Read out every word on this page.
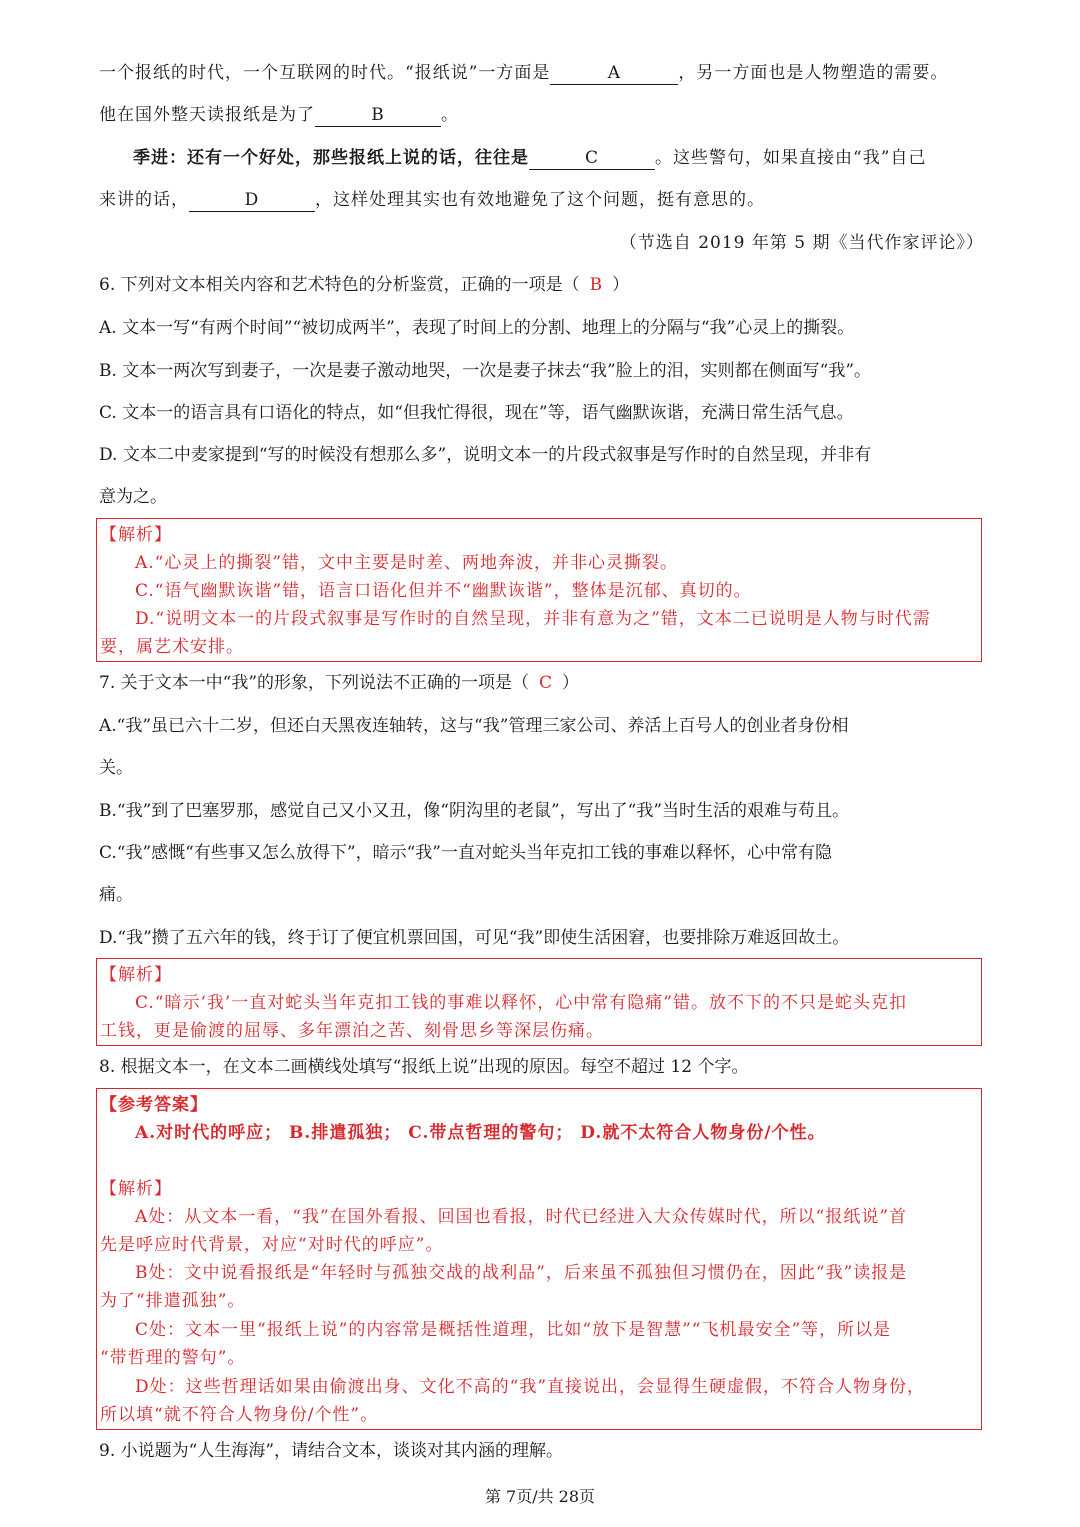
一个报纸的时代，一个互联网的时代。“报纸说”一方面是	A	，另一方面也是人物塑造的需要。
他在国外整天读报纸是为了	B	。
季进：还有一个好处，那些报纸上说的话，往往是	C	。这些警句，如果直接由“我”自己
来讲的话，	D	，这样处理其实也有效地避免了这个问题，挺有意思的。
（节选自 2019 年第 5 期《当代作家评论》）
6. 下列对文本相关内容和艺术特色的分析鉴赏，正确的一项是（ B ）
A. 文本一写“有两个时间”“被切成两半”，表现了时间上的分割、地理上的分隔与“我”心灵上的撕裂。
B. 文本一两次写到妻子，一次是妻子激动地哭，一次是妻子抹去“我”脸上的泪，实则都在侧面写“我”。
C. 文本一的语言具有口语化的特点，如“但我忙得很，现在”等，语气幽默诙谐，充满日常生活气息。
D. 文本二中麦家提到“写的时候没有想那么多”，说明文本一的片段式叙事是写作时的自然呈现，并非有
意为之。
【解析】
A.“心灵上的撕裂”错，文中主要是时差、两地奔波，并非心灵撕裂。
C.“语气幽默诙谐”错，语言口语化但并不“幽默诙谐”，整体是沉郁、真切的。
D.“说明文本一的片段式叙事是写作时的自然呈现，并非有意为之”错，文本二已说明是人物与时代需
要，属艺术安排。
7. 关于文本一中“我”的形象，下列说法不正确的一项是（ C ）
A.“我”虽已六十二岁，但还白天黑夜连轴转，这与“我”管理三家公司、养活上百号人的创业者身份相
关。
B.“我”到了巴塞罗那，感觉自己又小又丑，像“阴沟里的老鼠”，写出了“我”当时生活的艰难与苟且。
C.“我”感慨“有些事又怎么放得下”，暗示“我”一直对蛇头当年克扣工钱的事难以释怀，心中常有隐
痛。
D.“我”攒了五六年的钱，终于订了便宜机票回国，可见“我”即使生活困窘，也要排除万难返回故土。
【解析】
C.“暗示‘我’一直对蛇头当年克扣工钱的事难以释怀，心中常有隐痛”错。放不下的不只是蛇头克扣
工钱，更是偷渡的屈辱、多年漂泊之苦、刻骨思乡等深层伤痛。
8. 根据文本一，在文本二画横线处填写“报纸上说”出现的原因。每空不超过 12 个字。
【参考答案】
A.对时代的呼应； B.排遣孤独； C.带点哲理的警句； D.就不太符合人物身份/个性。
【解析】
A处：从文本一看，“我”在国外看报、回国也看报，时代已经进入大众传媒时代，所以“报纸说”首
先是呼应时代背景，对应“对时代的呼应”。
B处：文中说看报纸是“年轻时与孤独交战的战利品”，后来虽不孤独但习惯仍在，因此“我”读报是
为了“排遣孤独”。
C处：文本一里“报纸上说”的内容常是概括性道理，比如“放下是智慧”“飞机最安全”等，所以是
“带哲理的警句”。
D处：这些哲理话如果由偷渡出身、文化不高的“我”直接说出，会显得生硬虚假，不符合人物身份，
所以填“就不符合人物身份/个性”。
9. 小说题为“人生海海”，请结合文本，谈谈对其内涵的理解。
第 7页/共 28页
